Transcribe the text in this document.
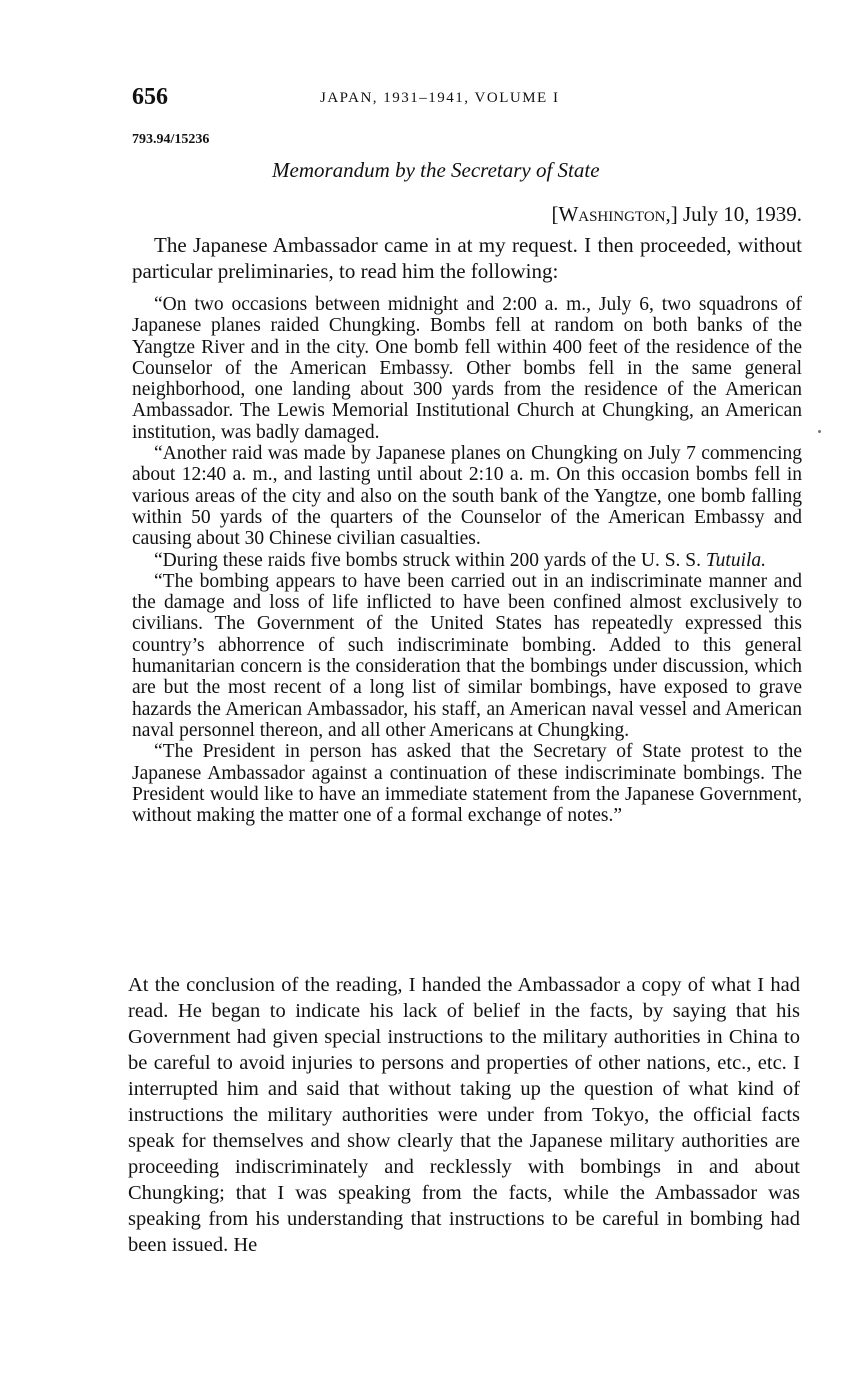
656	JAPAN, 1931–1941, VOLUME I
793.94/15236
Memorandum by the Secretary of State
[Washington,] July 10, 1939.

The Japanese Ambassador came in at my request. I then proceeded, without particular preliminaries, to read him the following:

“On two occasions between midnight and 2:00 a. m., July 6, two squadrons of Japanese planes raided Chungking. Bombs fell at random on both banks of the Yangtze River and in the city. One bomb fell within 400 feet of the residence of the Counselor of the American Embassy. Other bombs fell in the same general neighborhood, one landing about 300 yards from the residence of the American Ambassador. The Lewis Memorial Institutional Church at Chungking, an American institution, was badly damaged.

“Another raid was made by Japanese planes on Chungking on July 7 commencing about 12:40 a. m., and lasting until about 2:10 a. m. On this occasion bombs fell in various areas of the city and also on the south bank of the Yangtze, one bomb falling within 50 yards of the quarters of the Counselor of the American Embassy and causing about 30 Chinese civilian casualties.

“During these raids five bombs struck within 200 yards of the U. S. S. Tutuila.

“The bombing appears to have been carried out in an indiscriminate manner and the damage and loss of life inflicted to have been confined almost exclusively to civilians. The Government of the United States has repeatedly expressed this country’s abhorrence of such indiscriminate bombing. Added to this general humanitarian concern is the consideration that the bombings under discussion, which are but the most recent of a long list of similar bombings, have exposed to grave hazards the American Ambassador, his staff, an American naval vessel and American naval personnel thereon, and all other Americans at Chungking.

“The President in person has asked that the Secretary of State protest to the Japanese Ambassador against a continuation of these indiscriminate bombings. The President would like to have an immediate statement from the Japanese Government, without making the matter one of a formal exchange of notes.”

At the conclusion of the reading, I handed the Ambassador a copy of what I had read. He began to indicate his lack of belief in the facts, by saying that his Government had given special instructions to the military authorities in China to be careful to avoid injuries to persons and properties of other nations, etc., etc. I interrupted him and said that without taking up the question of what kind of instructions the military authorities were under from Tokyo, the official facts speak for themselves and show clearly that the Japanese military authorities are proceeding indiscriminately and recklessly with bombings in and about Chungking; that I was speaking from the facts, while the Ambassador was speaking from his understanding that instructions to be careful in bombing had been issued. He
